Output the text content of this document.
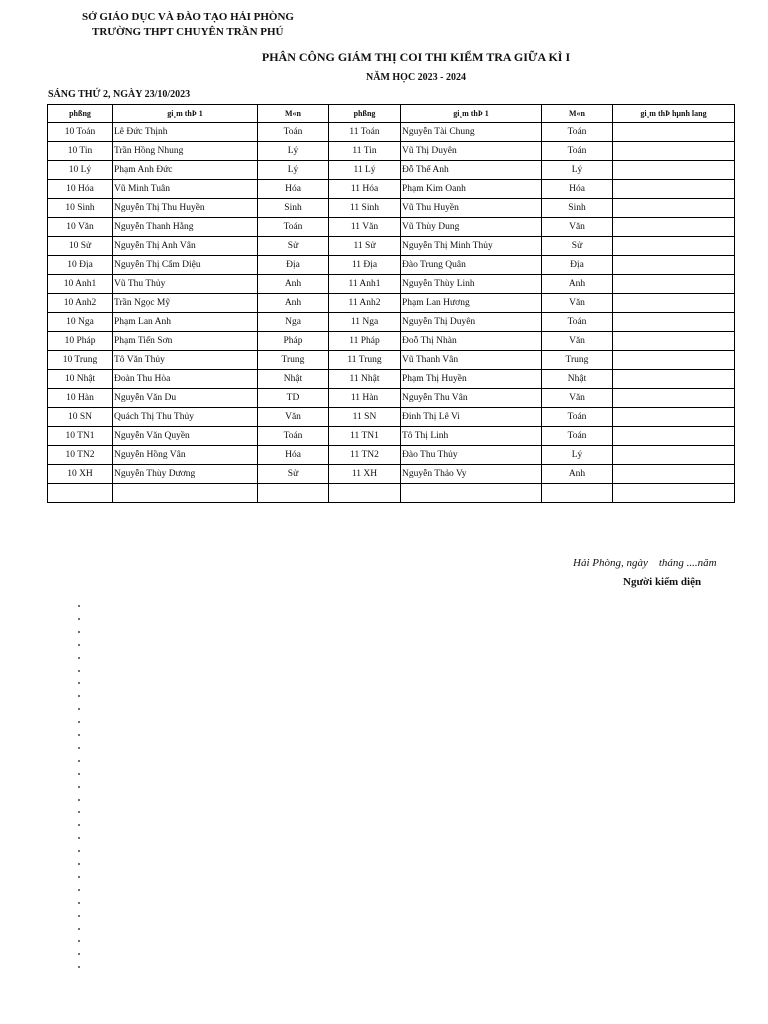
SỞ GIÁO DỤC VÀ ĐÀO TẠO HẢI PHÒNG
TRƯỜNG THPT CHUYÊN TRẦN PHÚ
PHÂN CÔNG GIÁM THỊ COI THI KIỂM TRA GIỮA KÌ I
NĂM HỌC 2023 - 2024
SÁNG THỨ 2, NGÀY 23/10/2023
phßng	gi¸m thÞ 1	M«n	phßng	gi¸m thÞ 1	M«n	gi¸m thÞ hµnh lang
10 Toán	Lê Đức Thịnh	Toán	11 Toán	Nguyễn Tài Chung	Toán	
10 Tin	Trần Hồng Nhung	Lý	11 Tin	Vũ Thị Duyên	Toán	
10 Lý	Phạm Anh Đức	Lý	11 Lý	Đỗ Thế Anh	Lý	
10 Hóa	Vũ Minh Tuân	Hóa	11 Hóa	Phạm Kim Oanh	Hóa	
10 Sinh	Nguyễn Thị Thu Huyền	Sinh	11 Sinh	Vũ Thu Huyền	Sinh	
10 Văn	Nguyễn Thanh Hằng	Toán	11 Văn	Vũ Thùy Dung	Văn	
10 Sử	Nguyễn Thị Anh Vân	Sử	11 Sử	Nguyễn Thị Minh Thủy	Sử	
10 Địa	Nguyễn Thị Cẩm Diệu	Địa	11 Địa	Đào Trung Quân	Địa	
10 Anh1	Vũ Thu Thủy	Anh	11 Anh1	Nguyễn Thùy Linh	Anh	
10 Anh2	Trần Ngọc Mỹ	Anh	11 Anh2	Phạm Lan Hương	Văn	
10 Nga	Phạm Lan Anh	Nga	11 Nga	Nguyễn Thị Duyên	Toán	
10 Pháp	Phạm Tiến Sơn	Pháp	11 Pháp	Đoỗ Thị Nhàn	Văn	
10 Trung	Tô Văn Thủy	Trung	11 Trung	Vũ Thanh Vân	Trung	
10 Nhật	Đoàn Thu Hòa	Nhật	11 Nhật	Phạm Thị Huyền	Nhật	
10 Hàn	Nguyễn Văn Du	TD	11 Hàn	Nguyễn Thu Vân	Văn	
10 SN	Quách Thị Thu Thủy	Văn	11 SN	Đinh Thị Lê Vi	Toán	
10 TN1	Nguyễn Văn Quyền	Toán	11 TN1	Tô Thị Linh	Toán	
10 TN2	Nguyễn Hồng Vân	Hóa	11 TN2	Đào Thu Thủy	Lý	
10 XH	Nguyễn Thùy Dương	Sử	11 XH	Nguyễn Thảo Vy	Anh	

Hải Phòng, ngày    tháng ....năm
Người kiểm diện
